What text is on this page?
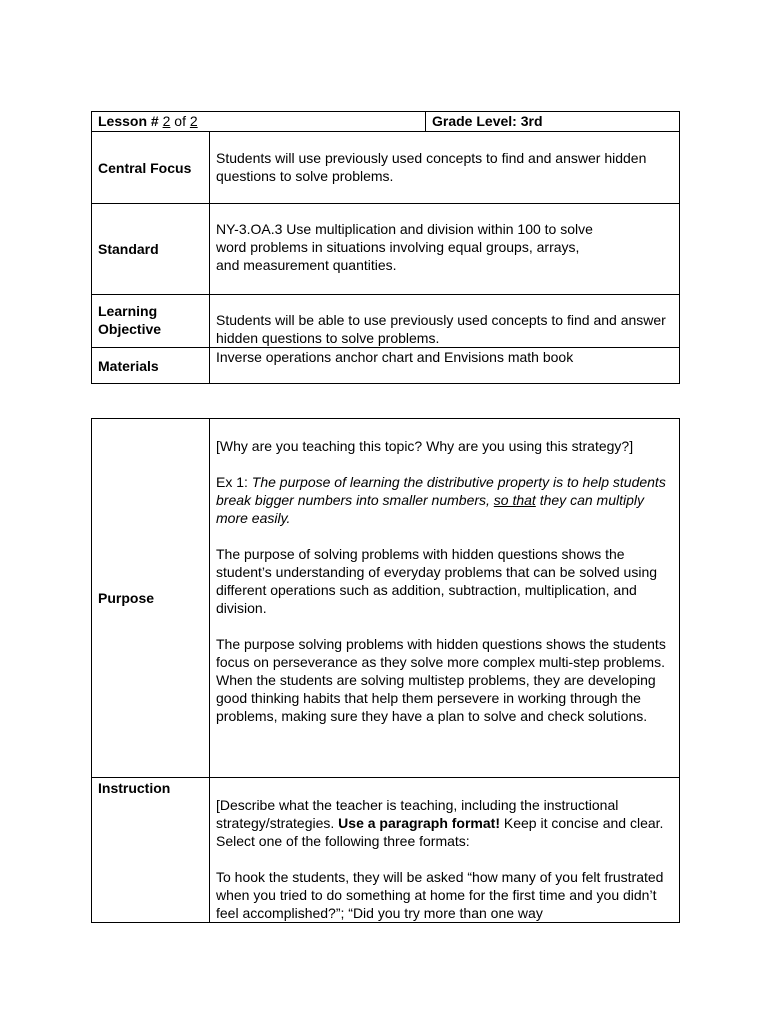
Lesson # 2 of 2		Grade Level: 3rd
Central Focus	Students will use previously used concepts to find and answer hidden questions to solve problems.	

Standard	NY-3.OA.3 Use multiplication and division within 100 to solve

word problems in situations involving equal groups, arrays,

and measurement quantities.	

Learning

Objective	Students will be able to use previously used concepts to find and answer hidden questions to solve problems.	

Materials	Inverse operations anchor chart and Envisions math book	

Purpose	[Why are you teaching this topic? Why are you using this strategy?]

Ex 1: The purpose of learning the distributive property is to help students break bigger numbers into smaller numbers, so that they can multiply more easily.

The purpose of solving problems with hidden questions shows the student’s understanding of everyday problems that can be solved using different operations such as addition, subtraction, multiplication, and division.

The purpose solving problems with hidden questions shows the students focus on perseverance as they solve more complex multi-step problems. When the students are solving multistep problems, they are developing good thinking habits that help them persevere in working through the problems, making sure they have a plan to solve and check solutions.

Instruction	[Describe what the teacher is teaching, including the instructional strategy/strategies. Use a paragraph format! Keep it concise and clear. Select one of the following three formats:

To hook the students, they will be asked “how many of you felt frustrated when you tried to do something at home for the first time and you didn’t feel accomplished?”; “Did you try more than one way
